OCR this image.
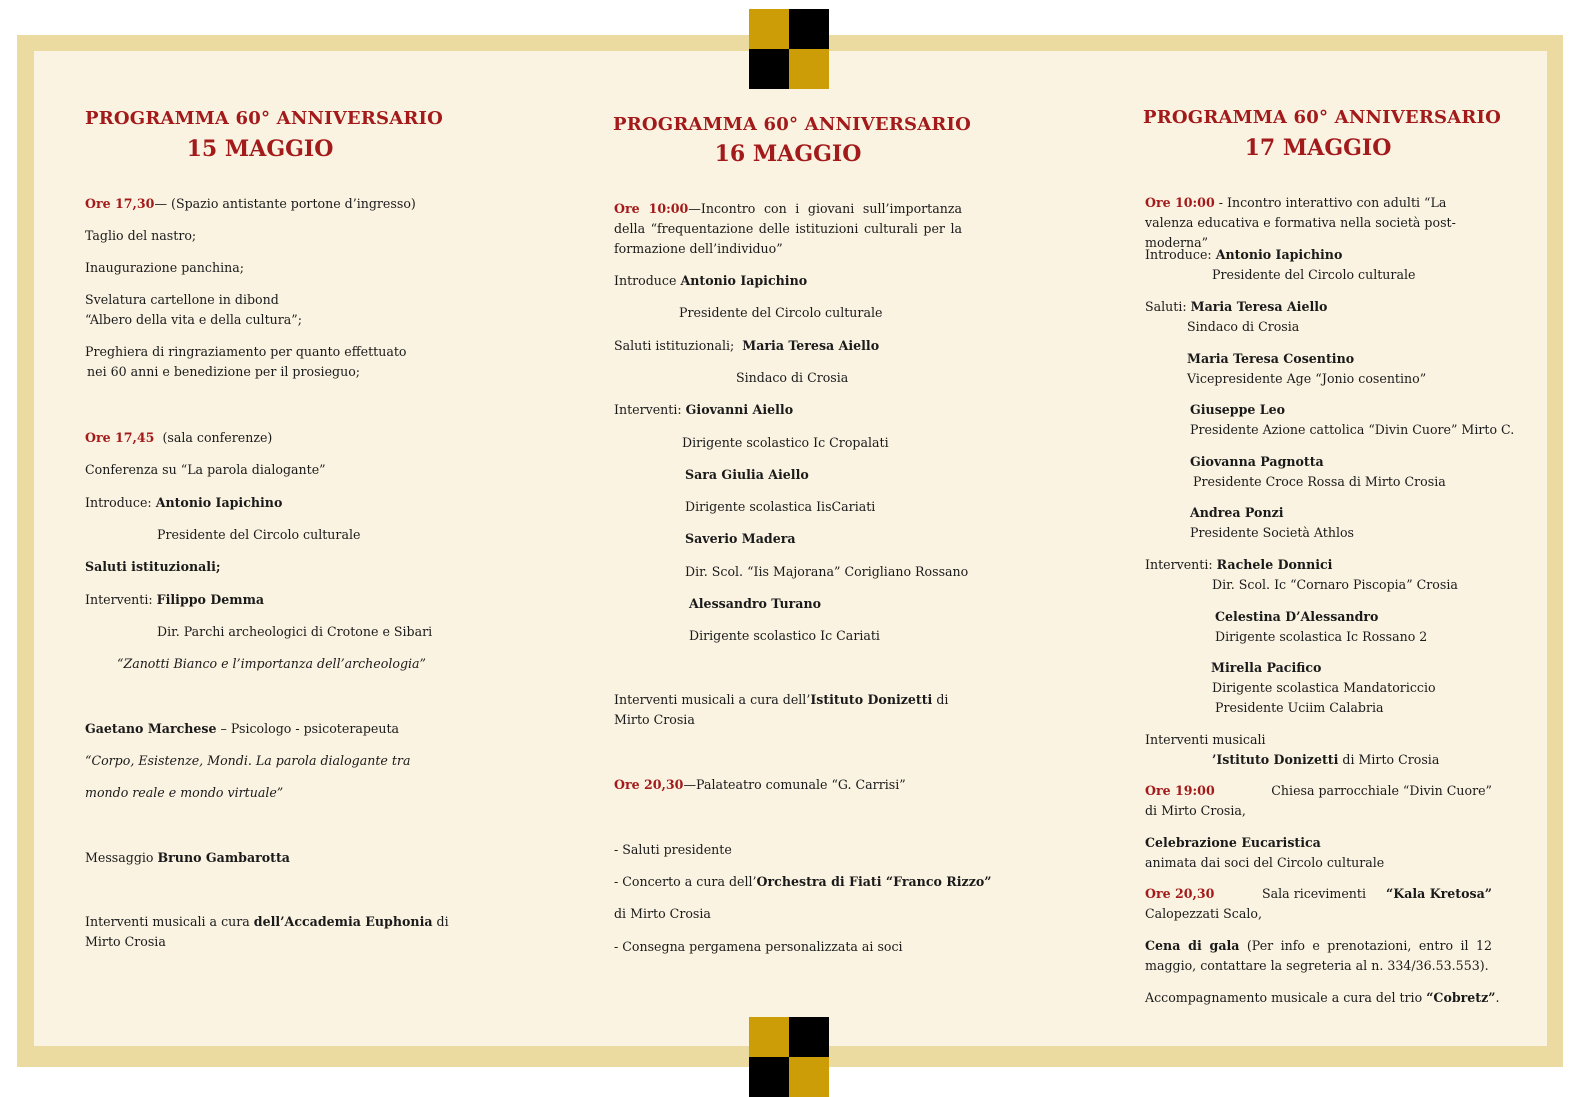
PROGRAMMA 60° ANNIVERSARIO
15 MAGGIO
Ore 17,30— (Spazio antistante portone d’ingresso)
Taglio del nastro;
Inaugurazione panchina;
Svelatura cartellone in dibond
“Albero della vita e della cultura”;
Preghiera di ringraziamento per quanto effettuato
nei 60 anni e benedizione per il prosieguo;
Ore 17,45 (sala conferenze)
Conferenza su “La parola dialogante”
Introduce: Antonio Iapichino
Presidente del Circolo culturale
Saluti istituzionali;
Interventi: Filippo Demma
Dir. Parchi archeologici di Crotone e Sibari
“Zanotti Bianco e l’importanza dell’archeologia”
Gaetano Marchese – Psicologo - psicoterapeuta
“Corpo, Esistenze, Mondi. La parola dialogante tra
mondo reale e mondo virtuale”
Messaggio Bruno Gambarotta
Interventi musicali a cura dell’Accademia Euphonia di
Mirto Crosia
PROGRAMMA 60° ANNIVERSARIO
16 MAGGIO
Ore 10:00—Incontro con i giovani sull’importanza della “frequentazione delle istituzioni culturali per la formazione dell’individuo”
Introduce Antonio Iapichino
Presidente del Circolo culturale
Saluti istituzionali; Maria Teresa Aiello
Sindaco di Crosia
Interventi: Giovanni Aiello
Dirigente scolastico Ic Cropalati
Sara Giulia Aiello
Dirigente scolastica IisCariati
Saverio Madera
Dir. Scol. “Iis Majorana” Corigliano Rossano
Alessandro Turano
Dirigente scolastico Ic Cariati
Interventi musicali a cura dell’Istituto Donizetti di
Mirto Crosia
Ore 20,30—Palateatro comunale “G. Carrisi”
- Saluti presidente
- Concerto a cura dell’Orchestra di Fiati “Franco Rizzo”
di Mirto Crosia
- Consegna pergamena personalizzata ai soci
PROGRAMMA 60° ANNIVERSARIO
17 MAGGIO
Ore 10:00 - Incontro interattivo con adulti “La valenza educativa e formativa nella società post-moderna”
Introduce: Antonio Iapichino
Presidente del Circolo culturale
Saluti: Maria Teresa Aiello
Sindaco di Crosia
Maria Teresa Cosentino
Vicepresidente Age “Jonio cosentino”
Giuseppe Leo
Presidente Azione cattolica “Divin Cuore” Mirto C.
Giovanna Pagnotta
Presidente Croce Rossa di Mirto Crosia
Andrea Ponzi
Presidente Società Athlos
Interventi: Rachele Donnici
Dir. Scol. Ic “Cornaro Piscopia” Crosia
Celestina D’Alessandro
Dirigente scolastica Ic Rossano 2
Mirella Pacifico
Dirigente scolastica Mandatoriccio
Presidente Uciim Calabria
Interventi musicali
’Istituto Donizetti di Mirto Crosia
Ore 19:00	Chiesa parrocchiale “Divin Cuore”
di Mirto Crosia,
Celebrazione Eucaristica
animata dai soci del Circolo culturale
Ore 20,30	Sala ricevimenti “Kala Kretosa”
Calopezzati Scalo,
Cena di gala (Per info e prenotazioni, entro il 12 maggio, contattare la segreteria al n. 334/36.53.553).
Accompagnamento musicale a cura del trio “Cobretz”.
